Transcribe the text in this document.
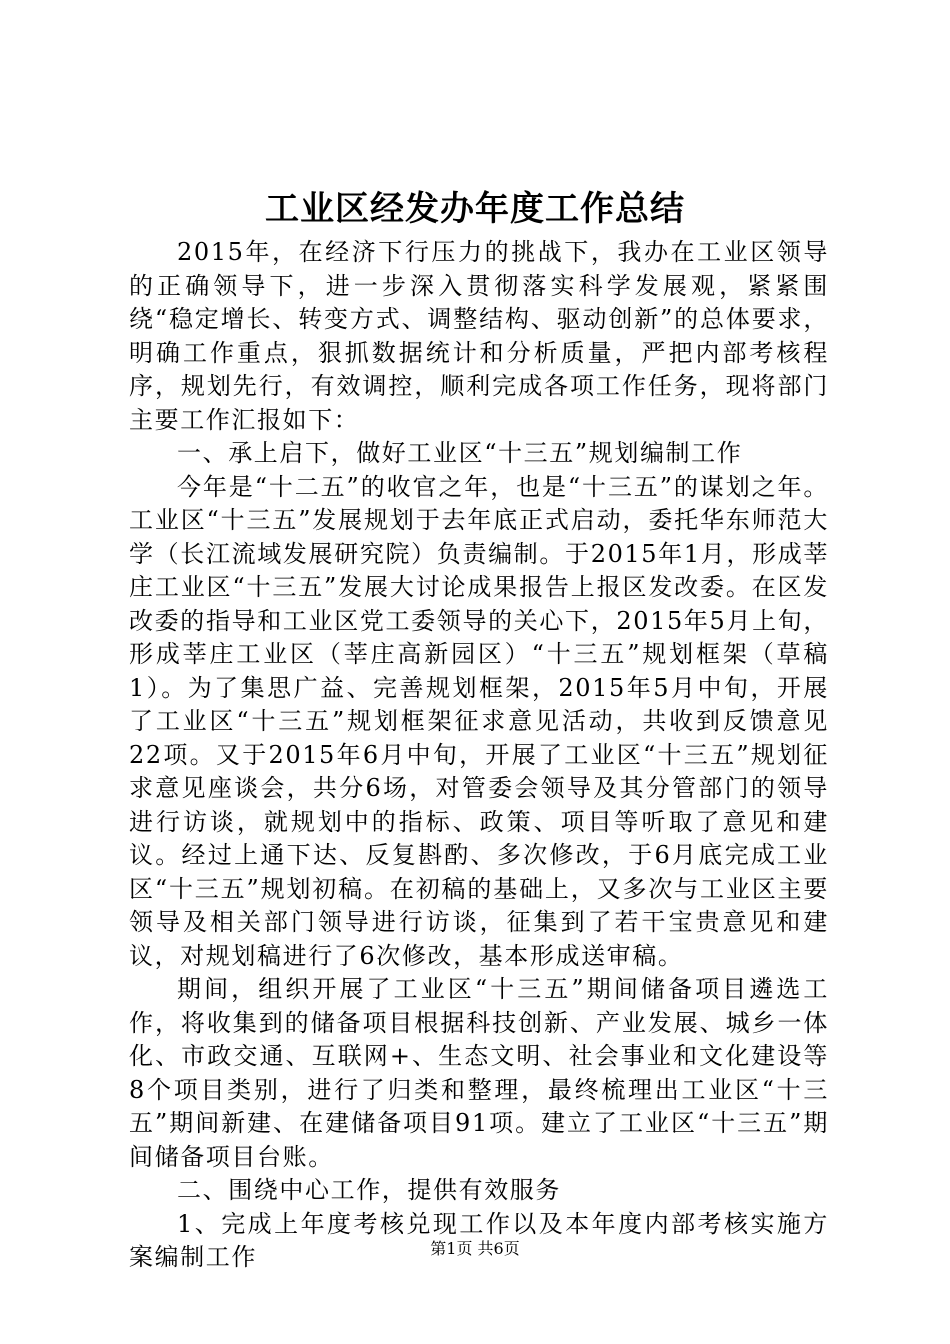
工业区经发办年度工作总结

2015年，在经济下行压力的挑战下，我办在工业区领导的正确领导下，进一步深入贯彻落实科学发展观，紧紧围绕“稳定增长、转变方式、调整结构、驱动创新”的总体要求，明确工作重点，狠抓数据统计和分析质量，严把内部考核程序，规划先行，有效调控，顺利完成各项工作任务，现将部门主要工作汇报如下：

一、承上启下，做好工业区“十三五”规划编制工作

今年是“十二五”的收官之年，也是“十三五”的谋划之年。工业区“十三五”发展规划于去年底正式启动，委托华东师范大学（长江流域发展研究院）负责编制。于2015年1月，形成莘庄工业区“十三五”发展大讨论成果报告上报区发改委。在区发改委的指导和工业区党工委领导的关心下，2015年5月上旬，形成莘庄工业区（莘庄高新园区）“十三五”规划框架（草稿1）。为了集思广益、完善规划框架，2015年5月中旬，开展了工业区“十三五”规划框架征求意见活动，共收到反馈意见22项。又于2015年6月中旬，开展了工业区“十三五”规划征求意见座谈会，共分6场，对管委会领导及其分管部门的领导进行访谈，就规划中的指标、政策、项目等听取了意见和建议。经过上通下达、反复斟酌、多次修改，于6月底完成工业区“十三五”规划初稿。在初稿的基础上，又多次与工业区主要领导及相关部门领导进行访谈，征集到了若干宝贵意见和建议，对规划稿进行了6次修改，基本形成送审稿。

期间，组织开展了工业区“十三五”期间储备项目遴选工作，将收集到的储备项目根据科技创新、产业发展、城乡一体化、市政交通、互联网+、生态文明、社会事业和文化建设等8个项目类别，进行了归类和整理，最终梳理出工业区“十三五”期间新建、在建储备项目91项。建立了工业区“十三五”期间储备项目台账。

二、围绕中心工作，提供有效服务

1、完成上年度考核兑现工作以及本年度内部考核实施方案编制工作	第1页 共6页
